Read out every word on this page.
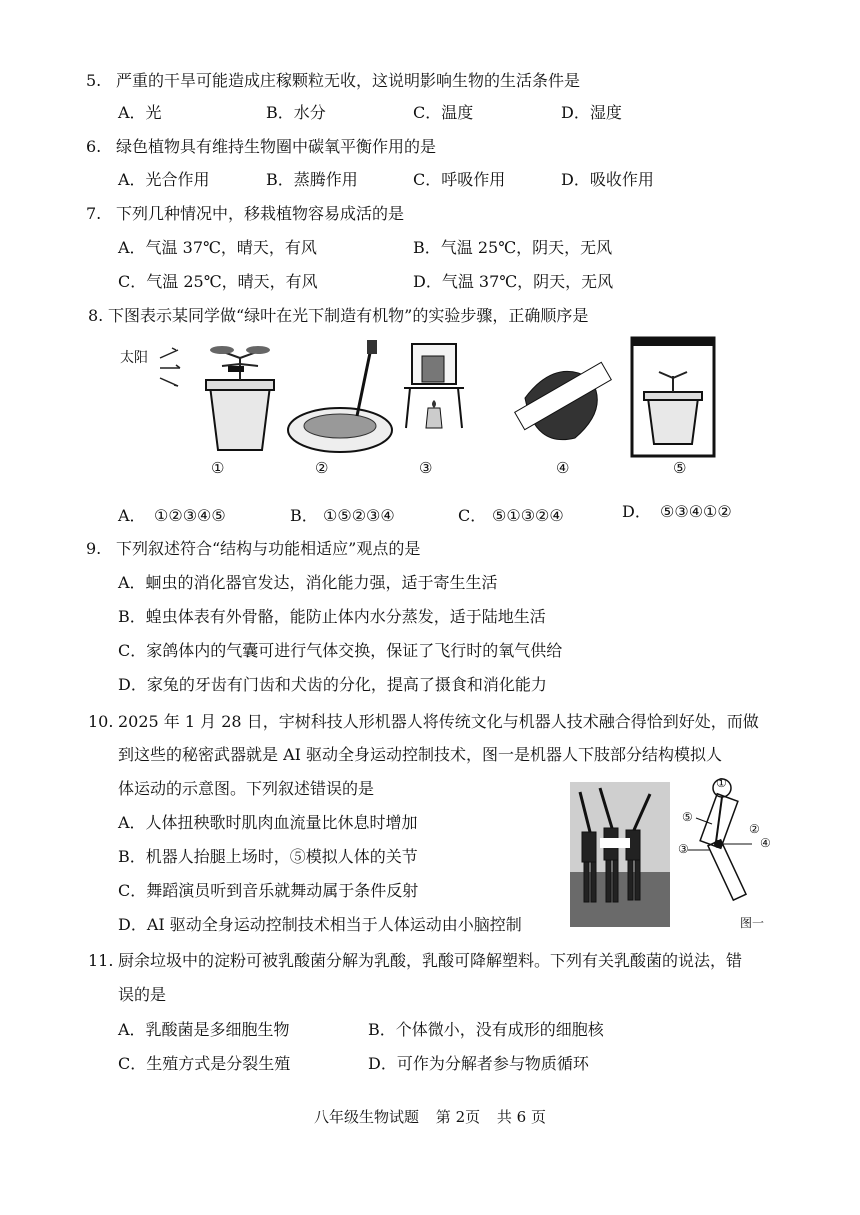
5. 严重的干旱可能造成庄稼颗粒无收，这说明影响生物的生活条件是
A．光	B．水分	C．温度	D．湿度
6. 绿色植物具有维持生物圈中碳氧平衡作用的是
A．光合作用	B．蒸腾作用	C．呼吸作用	D．吸收作用
7. 下列几种情况中，移栽植物容易成活的是
A．气温 37℃，晴天，有风	B．气温 25℃，阴天，无风
C．气温 25℃，晴天，有风	D．气温 37℃，阴天，无风
8. 下图表示某同学做“绿叶在光下制造有机物”的实验步骤，正确顺序是
太阳
①	②	③	④	⑤
A． ①②③④⑤	B． ①⑤②③④	C． ⑤①③②④	D． ⑤③④①②
9. 下列叙述符合“结构与功能相适应”观点的是
A．蛔虫的消化器官发达，消化能力强，适于寄生生活
B．蝗虫体表有外骨骼，能防止体内水分蒸发，适于陆地生活
C．家鸽体内的气囊可进行气体交换，保证了飞行时的氧气供给
D．家兔的牙齿有门齿和犬齿的分化，提高了摄食和消化能力
10. 2025 年 1 月 28 日，宇树科技人形机器人将传统文化与机器人技术融合得恰到好处，而做
到这些的秘密武器就是 AI 驱动全身运动控制技术，图一是机器人下肢部分结构模拟人
体运动的示意图。下列叙述错误的是
A．人体扭秧歌时肌肉血流量比休息时增加
B．机器人抬腿上场时，⑤模拟人体的关节
C．舞蹈演员听到音乐就舞动属于条件反射
D．AI 驱动全身运动控制技术相当于人体运动由小脑控制
①
②
③	④
⑤
图一
11. 厨余垃圾中的淀粉可被乳酸菌分解为乳酸，乳酸可降解塑料。下列有关乳酸菌的说法，错
误的是
A．乳酸菌是多细胞生物	B．个体微小，没有成形的细胞核
C．生殖方式是分裂生殖	D．可作为分解者参与物质循环
八年级生物试题 第 2页 共 6 页
